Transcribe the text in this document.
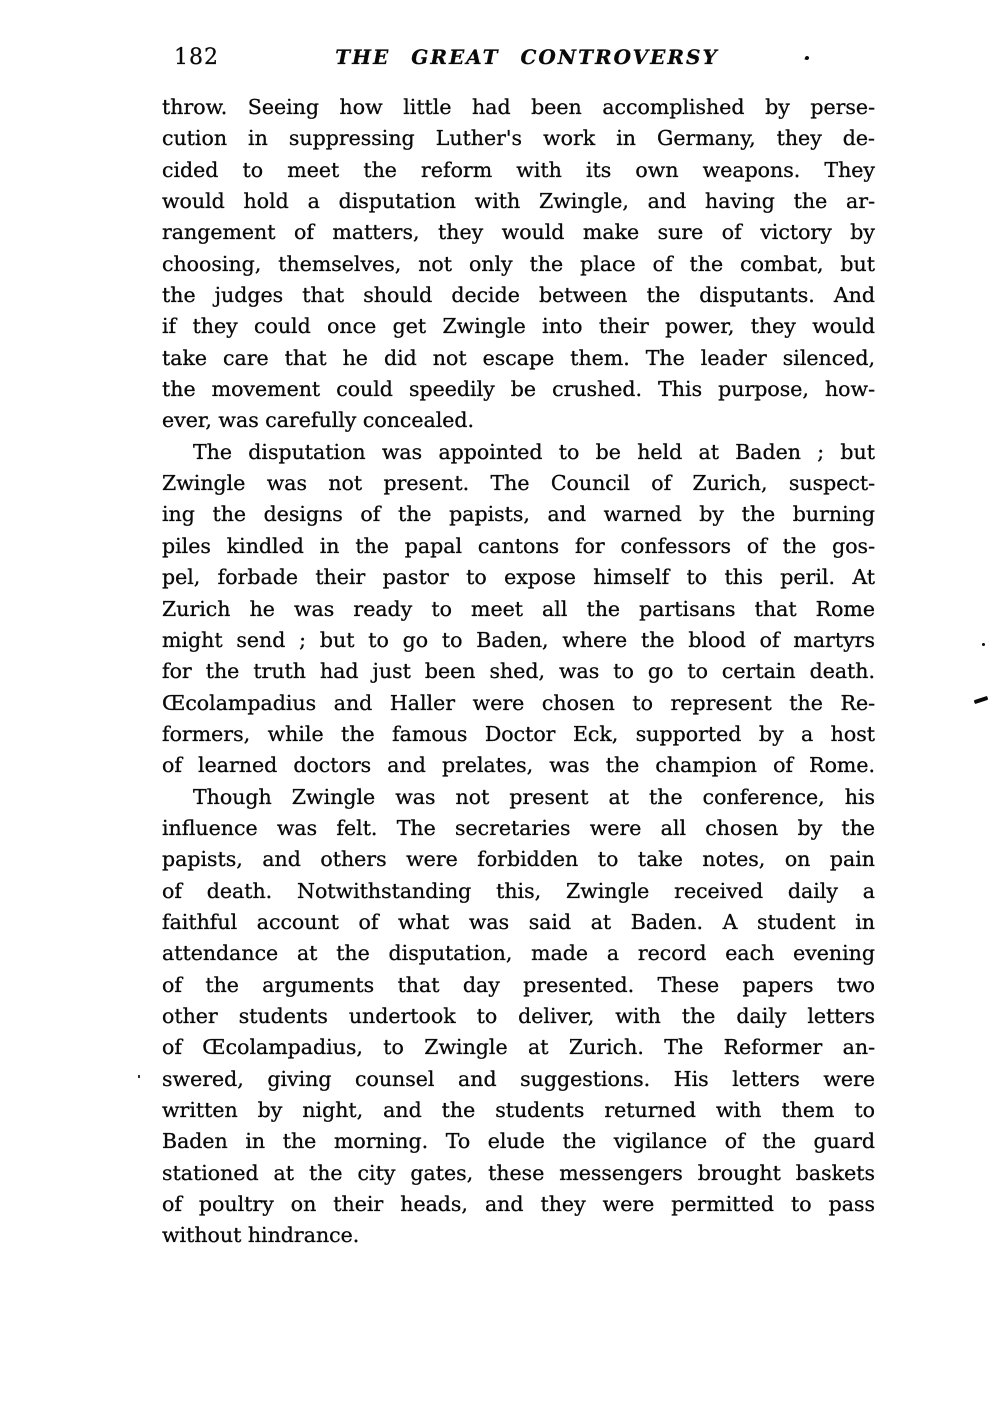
182	THE GREAT CONTROVERSY
throw. Seeing how little had been accomplished by perse-
cution in suppressing Luther's work in Germany, they de-
cided to meet the reform with its own weapons. They
would hold a disputation with Zwingle, and having the ar-
rangement of matters, they would make sure of victory by
choosing, themselves, not only the place of the combat, but
the judges that should decide between the disputants. And
if they could once get Zwingle into their power, they would
take care that he did not escape them. The leader silenced,
the movement could speedily be crushed. This purpose, how-
ever, was carefully concealed.
The disputation was appointed to be held at Baden ; but
Zwingle was not present. The Council of Zurich, suspect-
ing the designs of the papists, and warned by the burning
piles kindled in the papal cantons for confessors of the gos-
pel, forbade their pastor to expose himself to this peril. At
Zurich he was ready to meet all the partisans that Rome
might send ; but to go to Baden, where the blood of martyrs
for the truth had just been shed, was to go to certain death.
Œcolampadius and Haller were chosen to represent the Re-
formers, while the famous Doctor Eck, supported by a host
of learned doctors and prelates, was the champion of Rome.
Though Zwingle was not present at the conference, his
influence was felt. The secretaries were all chosen by the
papists, and others were forbidden to take notes, on pain
of death. Notwithstanding this, Zwingle received daily a
faithful account of what was said at Baden. A student in
attendance at the disputation, made a record each evening
of the arguments that day presented. These papers two
other students undertook to deliver, with the daily letters
of Œcolampadius, to Zwingle at Zurich. The Reformer an-
swered, giving counsel and suggestions. His letters were
written by night, and the students returned with them to
Baden in the morning. To elude the vigilance of the guard
stationed at the city gates, these messengers brought baskets
of poultry on their heads, and they were permitted to pass
without hindrance.
